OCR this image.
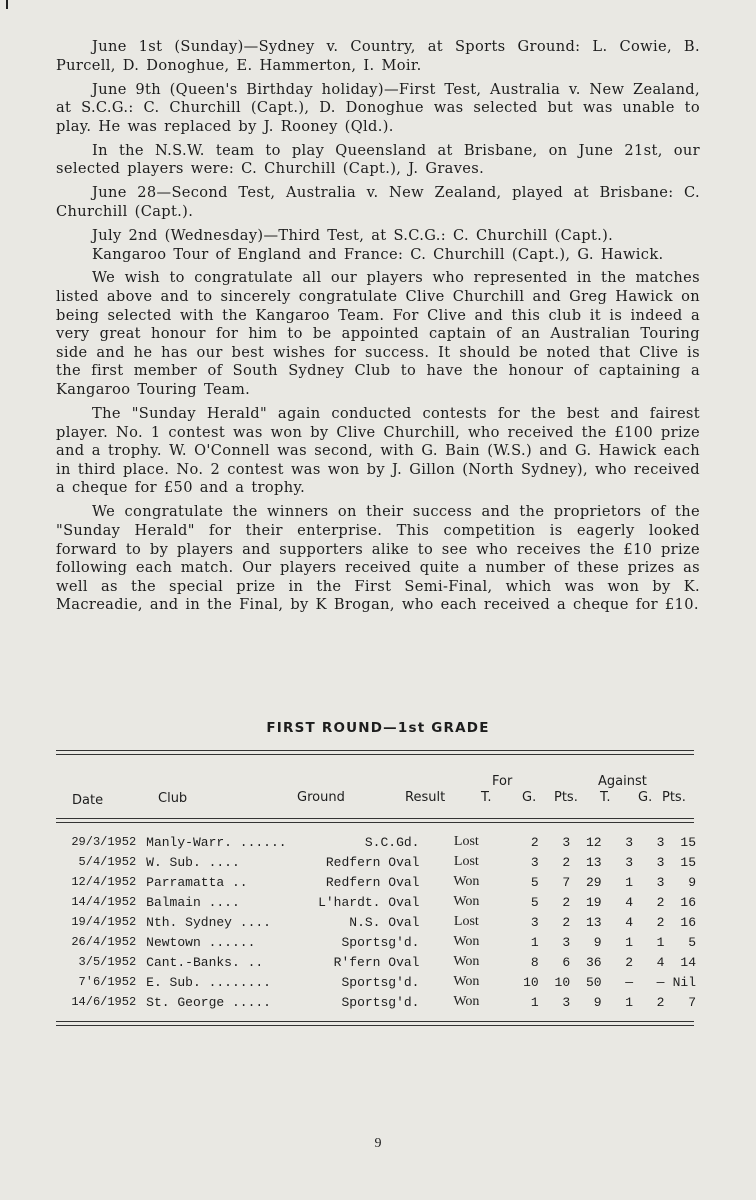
June 1st (Sunday)—Sydney v. Country, at Sports Ground: L. Cowie, B. Purcell, D. Donoghue, E. Hammerton, I. Moir.

June 9th (Queen's Birthday holiday)—First Test, Australia v. New Zealand, at S.C.G.: C. Churchill (Capt.), D. Donoghue was selected but was unable to play. He was replaced by J. Rooney (Qld.).

In the N.S.W. team to play Queensland at Brisbane, on June 21st, our selected players were: C. Churchill (Capt.), J. Graves.

June 28—Second Test, Australia v. New Zealand, played at Brisbane: C. Churchill (Capt.).

July 2nd (Wednesday)—Third Test, at S.C.G.: C. Churchill (Capt.).

Kangaroo Tour of England and France: C. Churchill (Capt.), G. Hawick.

We wish to congratulate all our players who represented in the matches listed above and to sincerely congratulate Clive Churchill and Greg Hawick on being selected with the Kangaroo Team. For Clive and this club it is indeed a very great honour for him to be appointed captain of an Australian Touring side and he has our best wishes for success. It should be noted that Clive is the first member of South Sydney Club to have the honour of captaining a Kangaroo Touring Team.

The "Sunday Herald" again conducted contests for the best and fairest player. No. 1 contest was won by Clive Churchill, who received the £100 prize and a trophy. W. O'Connell was second, with G. Bain (W.S.) and G. Hawick each in third place. No. 2 contest was won by J. Gillon (North Sydney), who received a cheque for £50 and a trophy.

We congratulate the winners on their success and the proprietors of the "Sunday Herald" for their enterprise. This competition is eagerly looked forward to by players and supporters alike to see who receives the £10 prize following each match. Our players received quite a number of these prizes as well as the special prize in the First Semi-Final, which was won by K. Macreadie, and in the Final, by K Brogan, who each received a cheque for £10.

FIRST ROUND—1st GRADE
For	Against
Date	Club	Ground	Result	T. G. Pts. T. G. Pts.
29/3/1952	Manly-Warr. ......	S.C.Gd.	Lost	2	3	12	3	3	15
5/4/1952	W. Sub. ....	Redfern Oval	Lost	3	2	13	3	3	15
12/4/1952	Parramatta ..	Redfern Oval	Won	5	7	29	1	3	9
14/4/1952	Balmain ....	L'hardt. Oval	Won	5	2	19	4	2	16
19/4/1952	Nth. Sydney ....	N.S. Oval	Lost	3	2	13	4	2	16
26/4/1952	Newtown ......	Sportsg'd.	Won	1	3	9	1	1	5
3/5/1952	Cant.-Banks. ..	R'fern Oval	Won	8	6	36	2	4	14
7'6/1952	E. Sub. ........	Sportsg'd.	Won	10	10	50	—	—	Nil
14/6/1952	St. George .....	Sportsg'd.	Won	1	3	9	1	2	7
9
